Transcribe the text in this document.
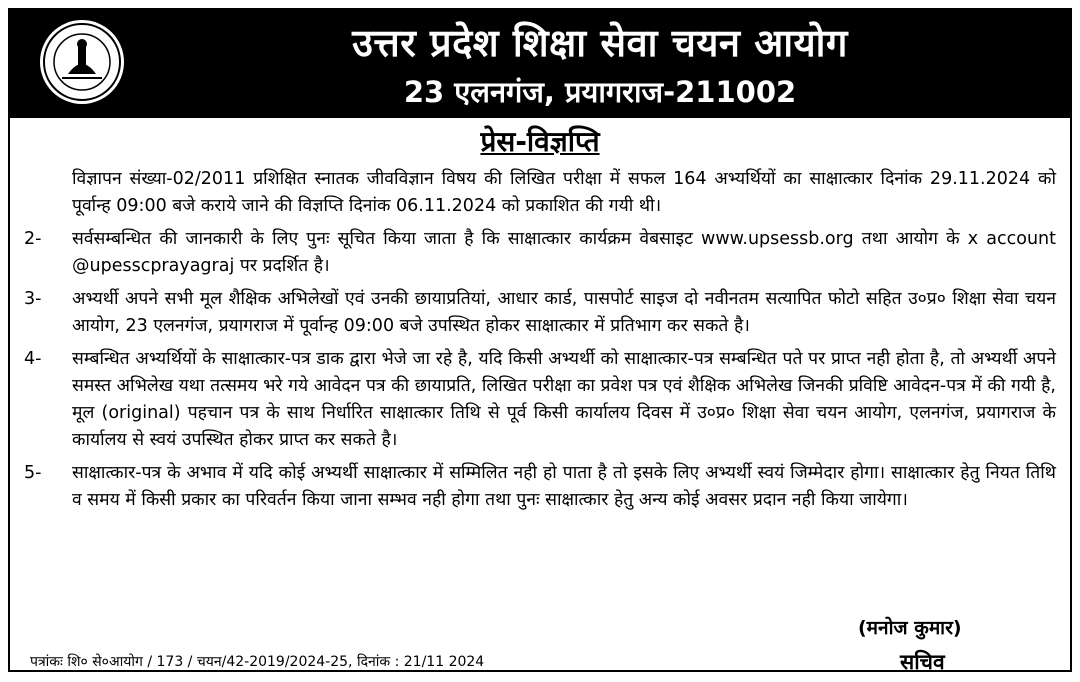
उत्तर प्रदेश शिक्षा सेवा चयन आयोग
23 एलनगंज, प्रयागराज-211002
प्रेस-विज्ञप्ति
विज्ञापन संख्या-02/2011 प्रशिक्षित स्नातक जीवविज्ञान विषय की लिखित परीक्षा में सफल 164 अभ्यर्थियों का साक्षात्कार दिनांक 29.11.2024 को पूर्वान्ह 09:00 बजे कराये जाने की विज्ञप्ति दिनांक 06.11.2024 को प्रकाशित की गयी थी।
2-	सर्वसम्बन्धित की जानकारी के लिए पुनः सूचित किया जाता है कि साक्षात्कार कार्यक्रम वेबसाइट www.upsessb.org तथा आयोग के x account @upesscprayagraj पर प्रदर्शित है।
3-	अभ्यर्थी अपने सभी मूल शैक्षिक अभिलेखों एवं उनकी छायाप्रतियां, आधार कार्ड, पासपोर्ट साइज दो नवीनतम सत्यापित फोटो सहित उ०प्र० शिक्षा सेवा चयन आयोग, 23 एलनगंज, प्रयागराज में पूर्वान्ह 09:00 बजे उपस्थित होकर साक्षात्कार में प्रतिभाग कर सकते है।
4-	सम्बन्धित अभ्यर्थियों के साक्षात्कार-पत्र डाक द्वारा भेजे जा रहे है, यदि किसी अभ्यर्थी को साक्षात्कार-पत्र सम्बन्धित पते पर प्राप्त नही होता है, तो अभ्यर्थी अपने समस्त अभिलेख यथा तत्समय भरे गये आवेदन पत्र की छायाप्रति, लिखित परीक्षा का प्रवेश पत्र एवं शैक्षिक अभिलेख जिनकी प्रविष्टि आवेदन-पत्र में की गयी है, मूल (original) पहचान पत्र के साथ निर्धारित साक्षात्कार तिथि से पूर्व किसी कार्यालय दिवस में उ०प्र० शिक्षा सेवा चयन आयोग, एलनगंज, प्रयागराज के कार्यालय से स्वयं उपस्थित होकर प्राप्त कर सकते है।
5-	साक्षात्कार-पत्र के अभाव में यदि कोई अभ्यर्थी साक्षात्कार में सम्मिलित नही हो पाता है तो इसके लिए अभ्यर्थी स्वयं जिम्मेदार होगा। साक्षात्कार हेतु नियत तिथि व समय में किसी प्रकार का परिवर्तन किया जाना सम्भव नही होगा तथा पुनः साक्षात्कार हेतु अन्य कोई अवसर प्रदान नही किया जायेगा।
पत्रांकः शि० से०आयोग / 173 / चयन/42-2019/2024-25, दिनांक : 21/11 2024
(मनोज कुमार)
सचिव
